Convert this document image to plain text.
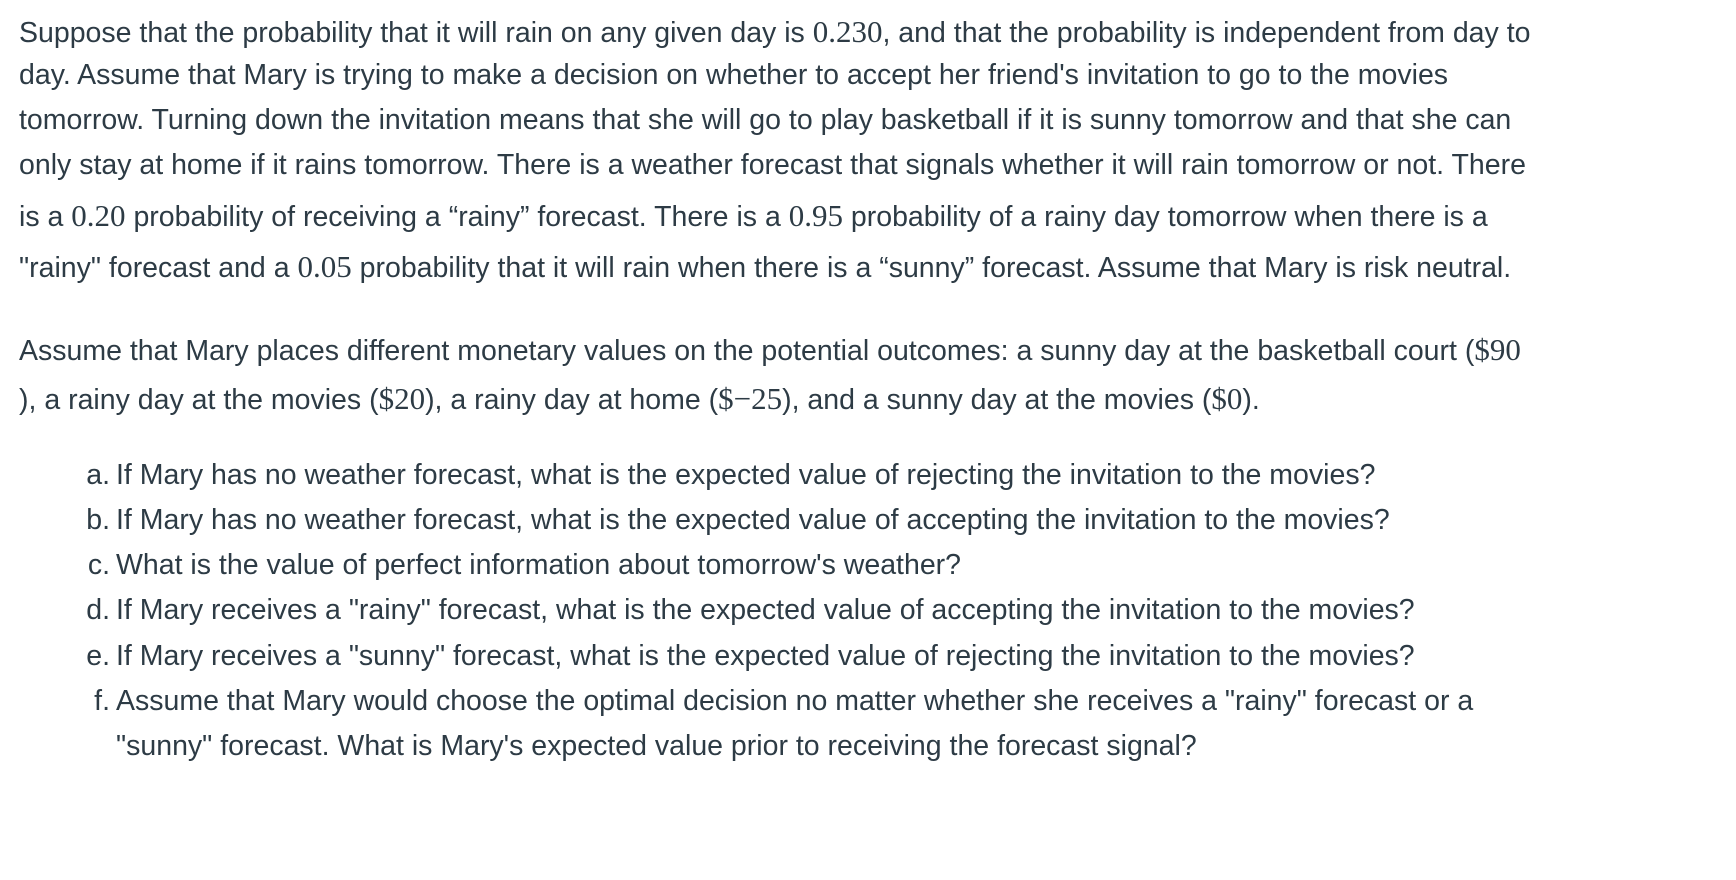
Suppose that the probability that it will rain on any given day is 0.230, and that the probability is independent from day to
day. Assume that Mary is trying to make a decision on whether to accept her friend's invitation to go to the movies
tomorrow. Turning down the invitation means that she will go to play basketball if it is sunny tomorrow and that she can
only stay at home if it rains tomorrow. There is a weather forecast that signals whether it will rain tomorrow or not. There
is a 0.20 probability of receiving a “rainy” forecast. There is a 0.95 probability of a rainy day tomorrow when there is a
"rainy" forecast and a 0.05 probability that it will rain when there is a “sunny” forecast. Assume that Mary is risk neutral.
Assume that Mary places different monetary values on the potential outcomes: a sunny day at the basketball court ($90
), a rainy day at the movies ($20), a rainy day at home ($−25), and a sunny day at the movies ($0).
a. If Mary has no weather forecast, what is the expected value of rejecting the invitation to the movies?
b. If Mary has no weather forecast, what is the expected value of accepting the invitation to the movies?
c. What is the value of perfect information about tomorrow's weather?
d. If Mary receives a "rainy" forecast, what is the expected value of accepting the invitation to the movies?
e. If Mary receives a "sunny" forecast, what is the expected value of rejecting the invitation to the movies?
f. Assume that Mary would choose the optimal decision no matter whether she receives a "rainy" forecast or a
"sunny" forecast. What is Mary's expected value prior to receiving the forecast signal?
